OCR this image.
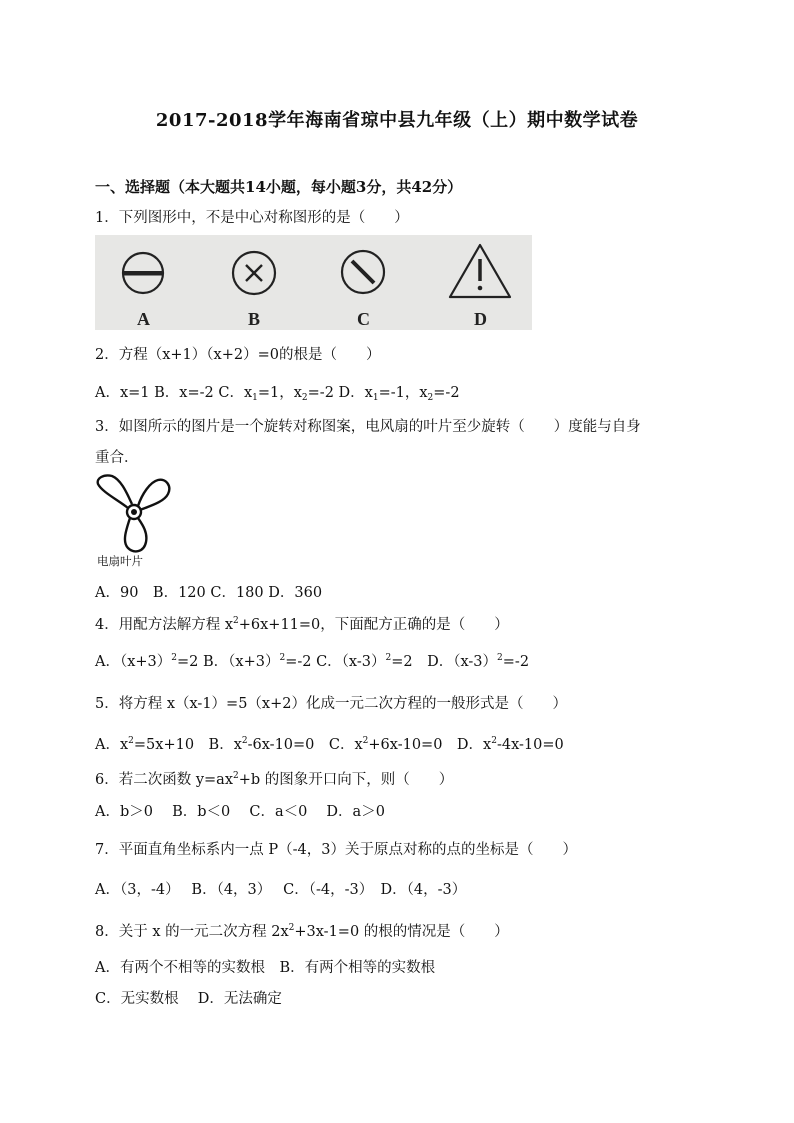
2017-2018学年海南省琼中县九年级（上）期中数学试卷
一、选择题（本大题共14小题，每小题3分，共42分）
1．下列图形中，不是中心对称图形的是（　　）
A	B	C	D
2．方程（x+1）（x+2）=0的根是（　　）
A．x=1 B．x=-2 C．$x_1=1$，$x_2=-2$ D．$x_1=-1$，$x_2=-2$
3．如图所示的图片是一个旋转对称图案，电风扇的叶片至少旋转（　　）度能与自身
重合．
电扇叶片
A．90　B．120 C．180 D．360
4．用配方法解方程 $x^2+6x+11=0$，下面配方正确的是（　　）
A．$(x+3)^2=2$ B．$(x+3)^2=-2$ C．$(x-3)^2=2$　D．$(x-3)^2=-2$
5．将方程 x（x-1）=5（x+2）化成一元二次方程的一般形式是（　　）
A．$x^2=5x+10$　B．$x^2-6x-10=0$　C．$x^2+6x-10=0$　D．$x^2-4x-10=0$
6．若二次函数 $y=ax^2+b$ 的图象开口向下，则（　　）
A．b＞0　 B．b＜0　 C．a＜0　 D．a＞0
7．平面直角坐标系内一点 P（-4，3）关于原点对称的点的坐标是（　　）
A．（3，-4）　 B．（4，3）　 C．（-4，-3）　D．（4，-3）
8．关于 x 的一元二次方程 $2x^2+3x-1=0$ 的根的情况是（　　）
A．有两个不相等的实数根　B．有两个相等的实数根
C．无实数根　 D．无法确定
